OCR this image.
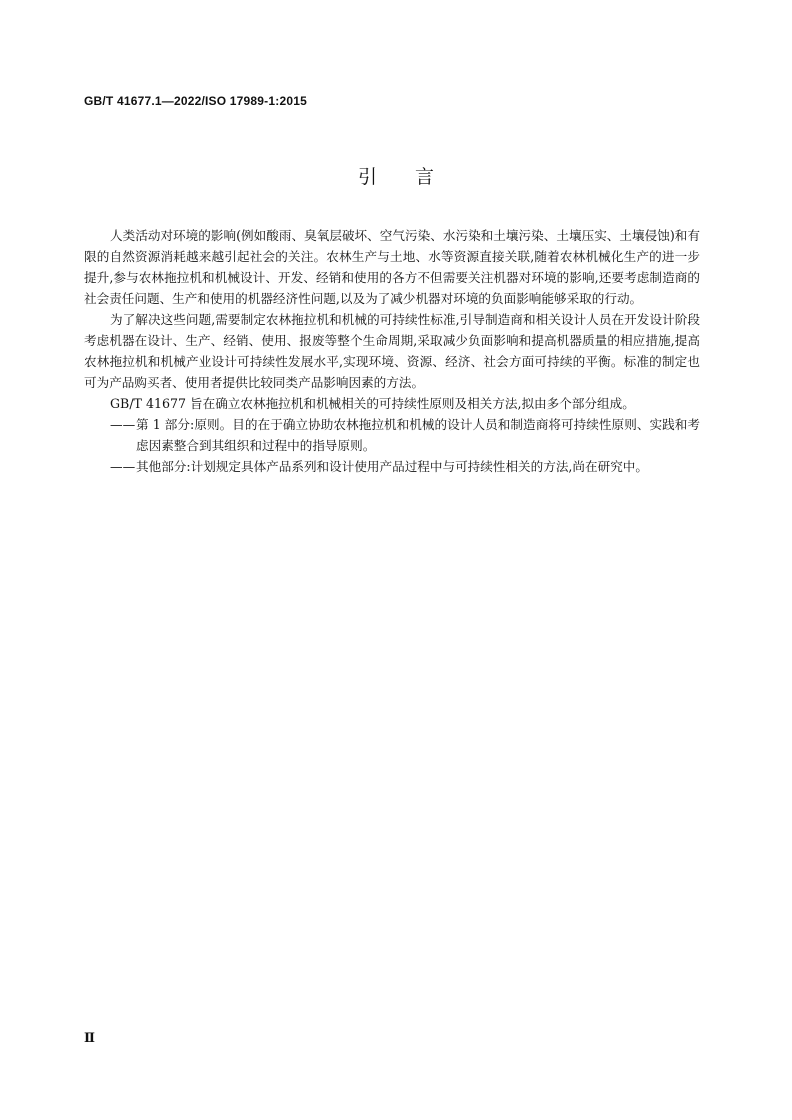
GB/T 41677.1—2022/ISO 17989-1:2015
引言

人类活动对环境的影响(例如酸雨、臭氧层破坏、空气污染、水污染和土壤污染、土壤压实、土壤侵蚀)和有限的自然资源消耗越来越引起社会的关注。农林生产与土地、水等资源直接关联,随着农林机械化生产的进一步提升,参与农林拖拉机和机械设计、开发、经销和使用的各方不但需要关注机器对环境的影响,还要考虑制造商的社会责任问题、生产和使用的机器经济性问题,以及为了减少机器对环境的负面影响能够采取的行动。

为了解决这些问题,需要制定农林拖拉机和机械的可持续性标准,引导制造商和相关设计人员在开发设计阶段考虑机器在设计、生产、经销、使用、报废等整个生命周期,采取减少负面影响和提高机器质量的相应措施,提高农林拖拉机和机械产业设计可持续性发展水平,实现环境、资源、经济、社会方面可持续的平衡。标准的制定也可为产品购买者、使用者提供比较同类产品影响因素的方法。

GB/T 41677 旨在确立农林拖拉机和机械相关的可持续性原则及相关方法,拟由多个部分组成。

—— 第 1 部分:原则。目的在于确立协助农林拖拉机和机械的设计人员和制造商将可持续性原则、实践和考虑因素整合到其组织和过程中的指导原则。
—— 其他部分:计划规定具体产品系列和设计使用产品过程中与可持续性相关的方法,尚在研究中。
Ⅱ
